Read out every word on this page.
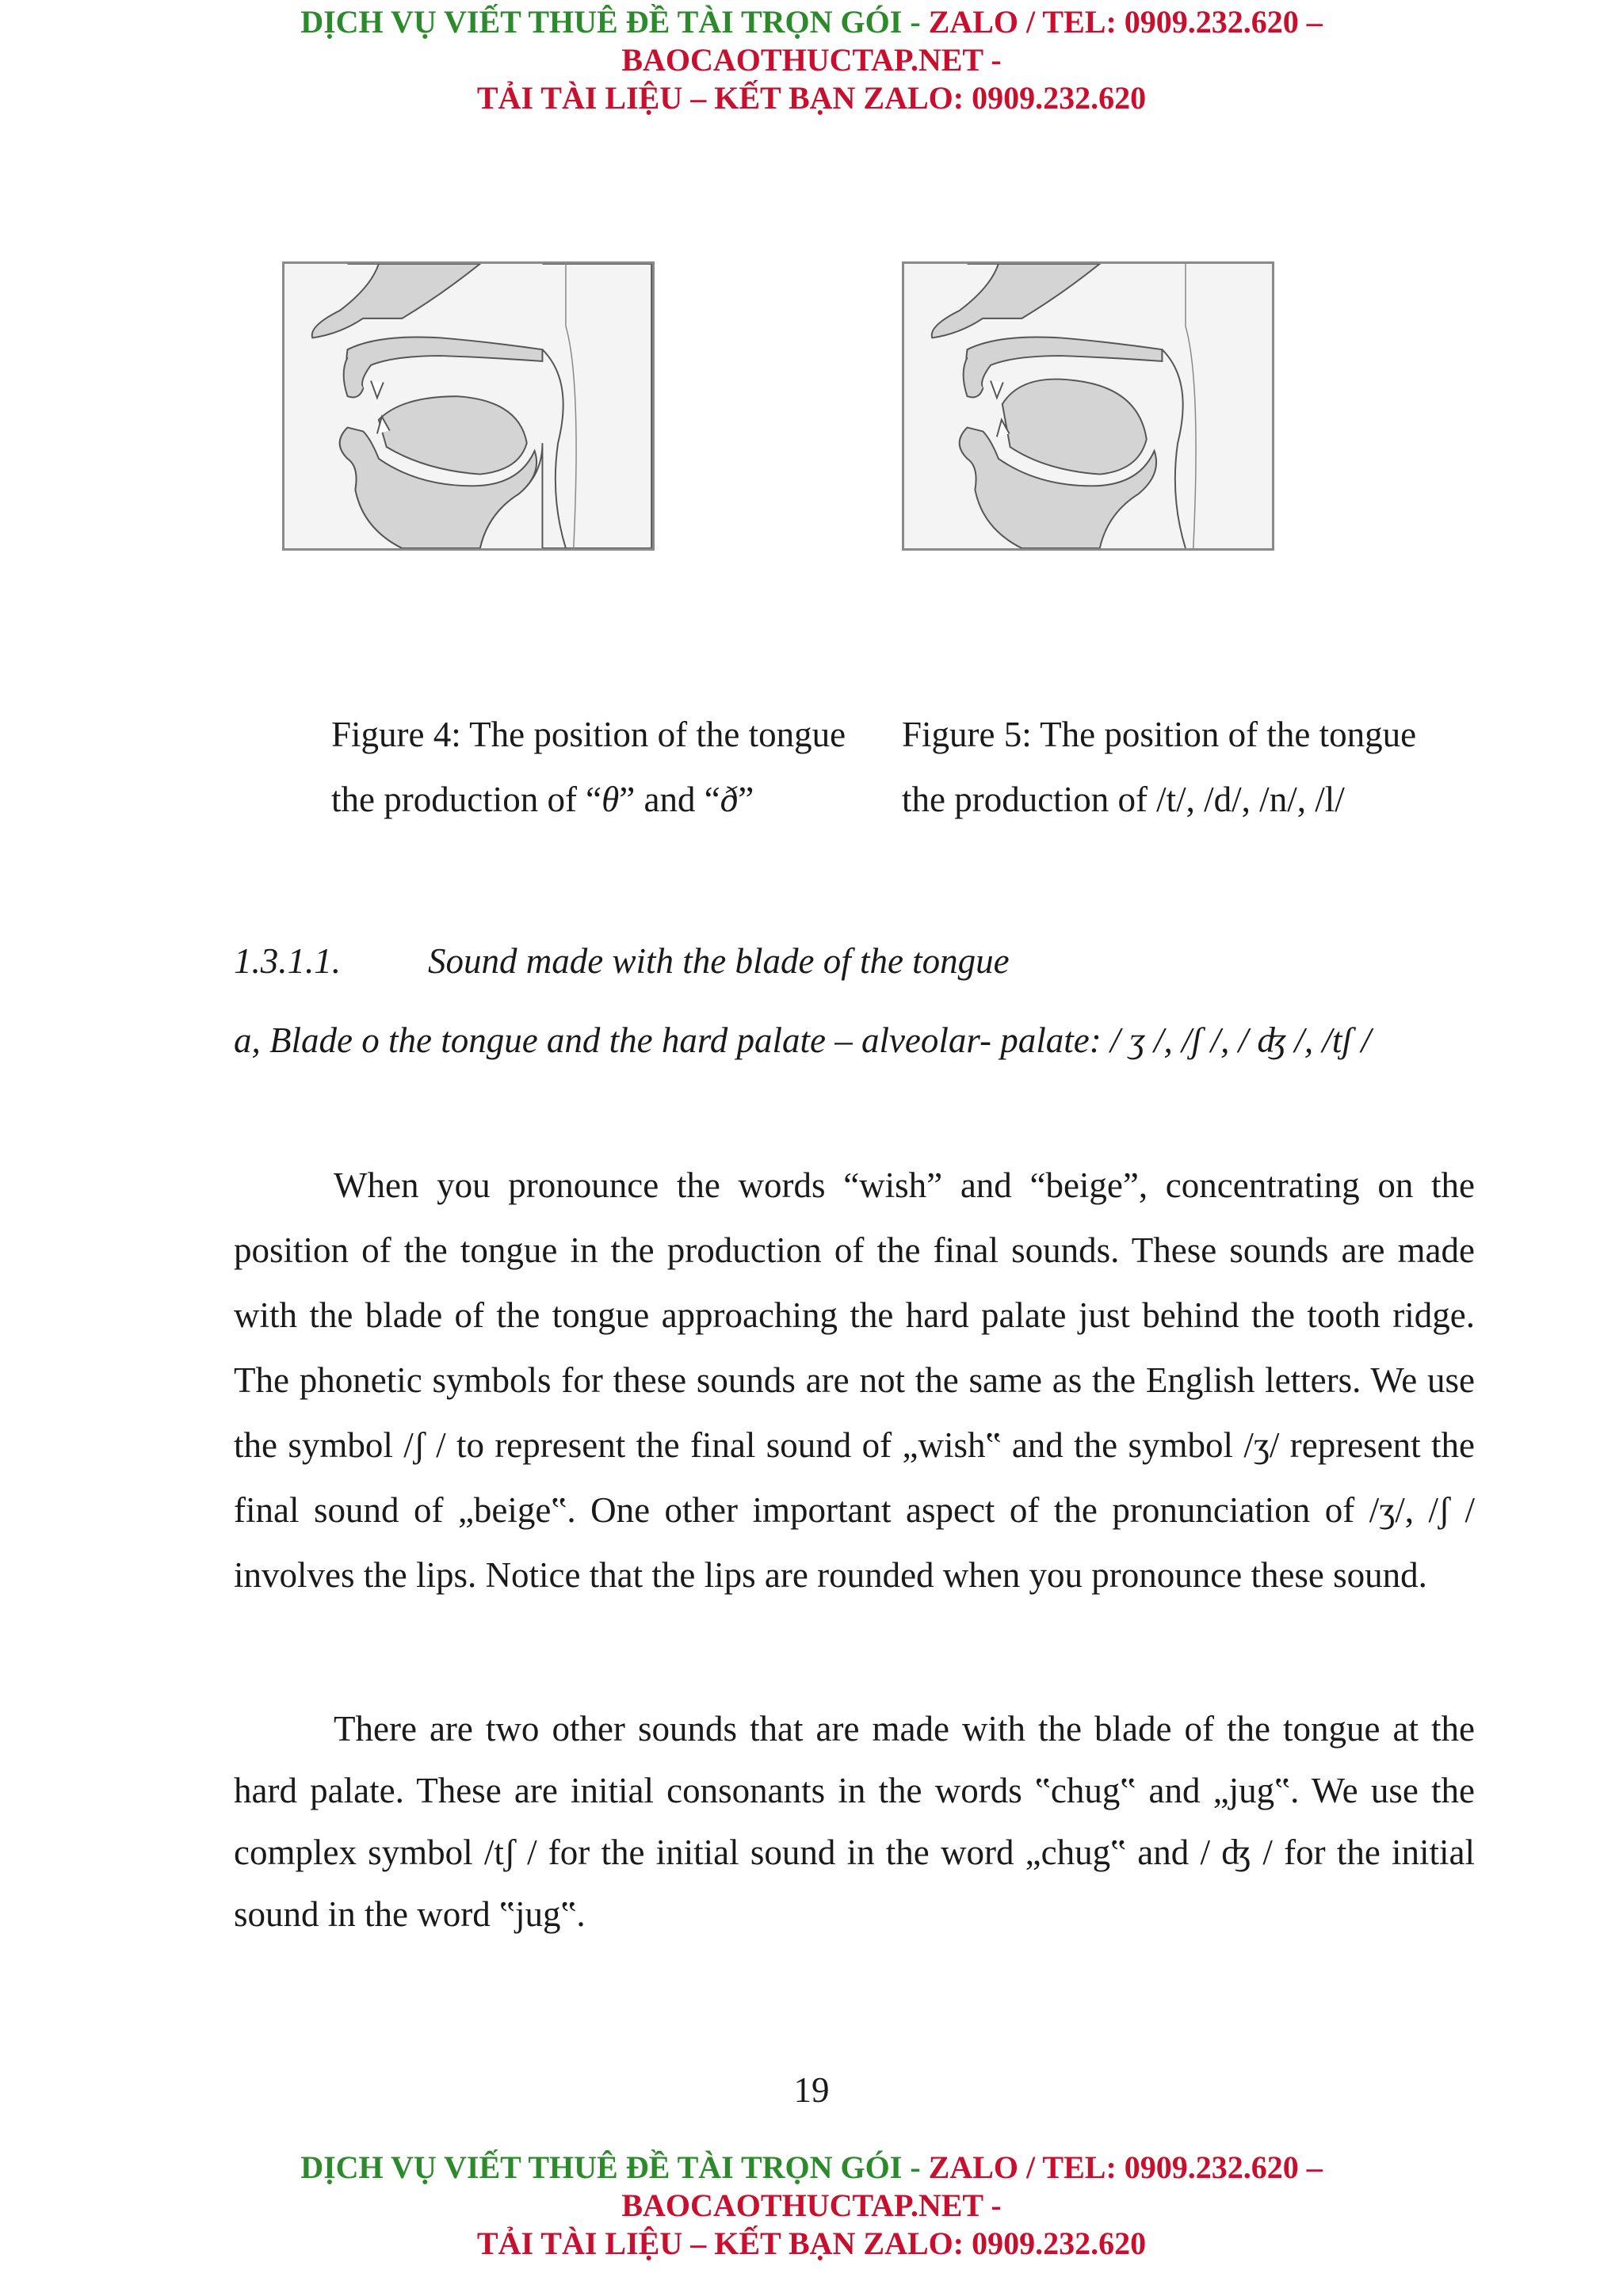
DỊCH VỤ VIẾT THUÊ ĐỀ TÀI TRỌN GÓI - ZALO / TEL: 0909.232.620 –
BAOCAOTHUCTAP.NET -
TẢI TÀI LIỆU – KẾT BẠN ZALO: 0909.232.620
Figure 4: The position of the tongue
the production of “θ” and “ð”
Figure 5: The position of the tongue
the production of /t/, /d/, /n/, /l/
1.3.1.1. Sound made with the blade of the tongue
a, Blade o the tongue and the hard palate – alveolar- palate: / ʒ /, /ʃ /, / ʤ /, /tʃ /

When you pronounce the words “wish” and “beige”, concentrating on the position of the tongue in the production of the final sounds. These sounds are made with the blade of the tongue approaching the hard palate just behind the tooth ridge. The phonetic symbols for these sounds are not the same as the English letters. We use the symbol /ʃ / to represent the final sound of „wish‟ and the symbol /ʒ/ represent the final sound of „beige‟. One other important aspect of the pronunciation of /ʒ/, /ʃ / involves the lips. Notice that the lips are rounded when you pronounce these sound.

There are two other sounds that are made with the blade of the tongue at the hard palate. These are initial consonants in the words ‟chug‟ and „jug‟. We use the complex symbol /tʃ / for the initial sound in the word „chug‟ and / ʤ / for the initial sound in the word ‟jug‟.

19
DỊCH VỤ VIẾT THUÊ ĐỀ TÀI TRỌN GÓI - ZALO / TEL: 0909.232.620 –
BAOCAOTHUCTAP.NET -
TẢI TÀI LIỆU – KẾT BẠN ZALO: 0909.232.620
